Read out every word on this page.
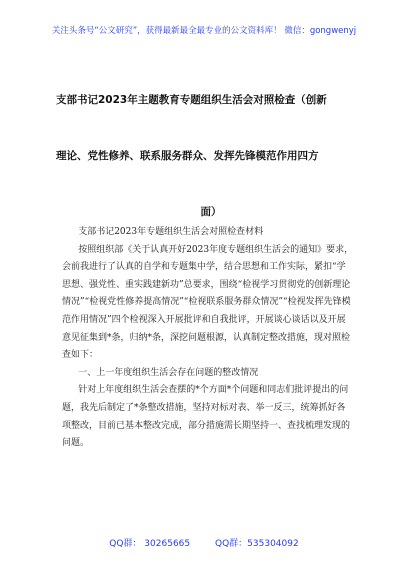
关注头条号“公文研究”，获得最新最全最专业的公文资料库！ 微信：gongwenyj
支部书记2023年主题教育专题组织生活会对照检查（创新
理论、党性修养、联系服务群众、发挥先锋模范作用四方
面）

支部书记2023年专题组织生活会对照检查材料

按照组织部《关于认真开好2023年度专题组织生活会的通知》要求，会前我进行了认真的自学和专题集中学，结合思想和工作实际，紧扣“学思想、强党性、重实践建新功”总要求，围绕“检视学习贯彻党的创新理论情况”“检视党性修养提高情况”“检视联系服务群众情况”“检视发挥先锋模范作用情况”四个检视深入开展批评和自我批评，开展谈心谈话以及开展意见征集到*条，归纳*条，深挖问题根源，认真制定整改措施，现对照检查如下：

一、上一年度组织生活会存在问题的整改情况

针对上年度组织生活会查摆的*个方面*个问题和同志们批评提出的问题，我先后制定了*条整改措施，坚持对标对表、举一反三，统筹抓好各项整改，目前已基本整改完成，部分措施需长期坚持一、查找梳理发现的问题。

QQ群： 30265665	QQ群：535304092
